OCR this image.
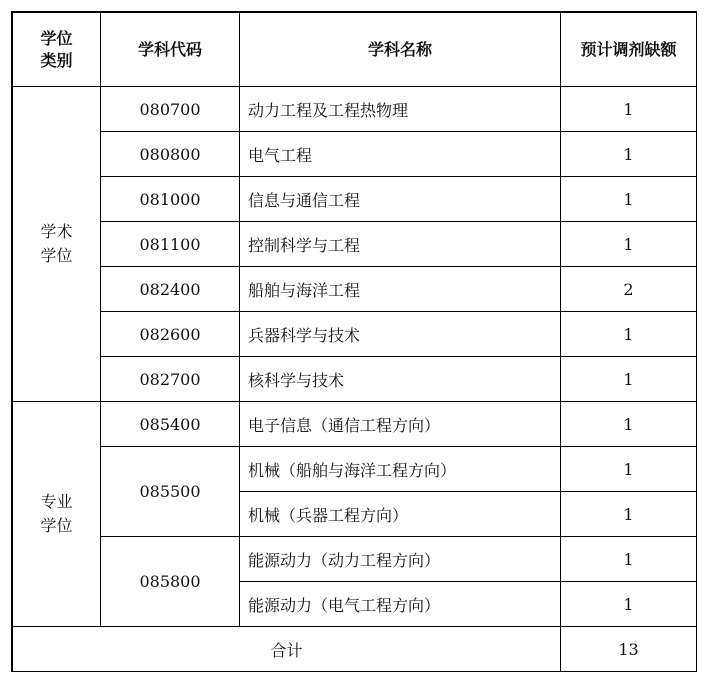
学位
类别	学科代码	学科名称	预计调剂缺额

学术
学位	080700	动力工程及工程热物理	1
	080800	电气工程	1
	081000	信息与通信工程	1
	081100	控制科学与工程	1
	082400	船舶与海洋工程	2
	082600	兵器科学与技术	1
	082700	核科学与技术	1

专业
学位	085400	电子信息（通信工程方向）	1
	085500	机械（船舶与海洋工程方向）	1
		机械（兵器工程方向）	1
	085800	能源动力（动力工程方向）	1
		能源动力（电气工程方向）	1
合计			13
